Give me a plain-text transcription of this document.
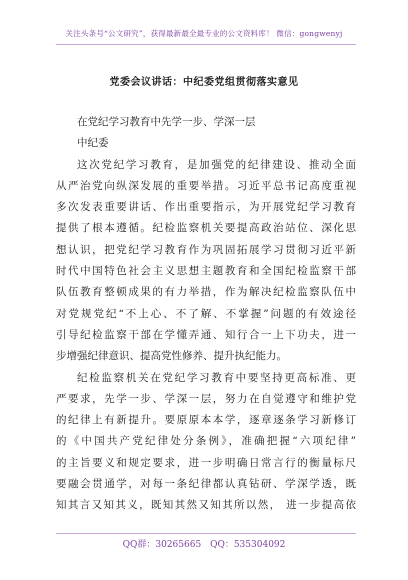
关注头条号“公文研究”，获得最新最全最专业的公文资料库！ 微信：gongwenyj
党委会议讲话：中纪委党组贯彻落实意见
在党纪学习教育中先学一步、学深一层
中纪委
这次党纪学习教育，是加强党的纪律建设、推动全面
从严治党向纵深发展的重要举措。习近平总书记高度重视
多次发表重要讲话、作出重要指示，为开展党纪学习教育
提供了根本遵循。纪检监察机关要提高政治站位、深化思
想认识，把党纪学习教育作为巩固拓展学习贯彻习近平新
时代中国特色社会主义思想主题教育和全国纪检监察干部
队伍教育整顿成果的有力举措，作为解决纪检监察队伍中
对党规党纪“不上心、不了解、不掌握”问题的有效途径
引导纪检监察干部在学懂弄通、知行合一上下功夫，进一
步增强纪律意识、提高党性修养、提升执纪能力。
纪检监察机关在党纪学习教育中要坚持更高标准、更
严要求，先学一步、学深一层，努力在自觉遵守和维护党
的纪律上有新提升。要原原本本学，逐章逐条学习新修订
的《中国共产党纪律处分条例》，准确把握“六项纪律”
的主旨要义和规定要求，进一步明确日常言行的衡量标尺
要融会贯通学，对每一条纪律都认真钻研、学深学透，既
知其言又知其义，既知其然又知其所以然， 进一步提高依
QQ群：30265665 QQ：535304092
